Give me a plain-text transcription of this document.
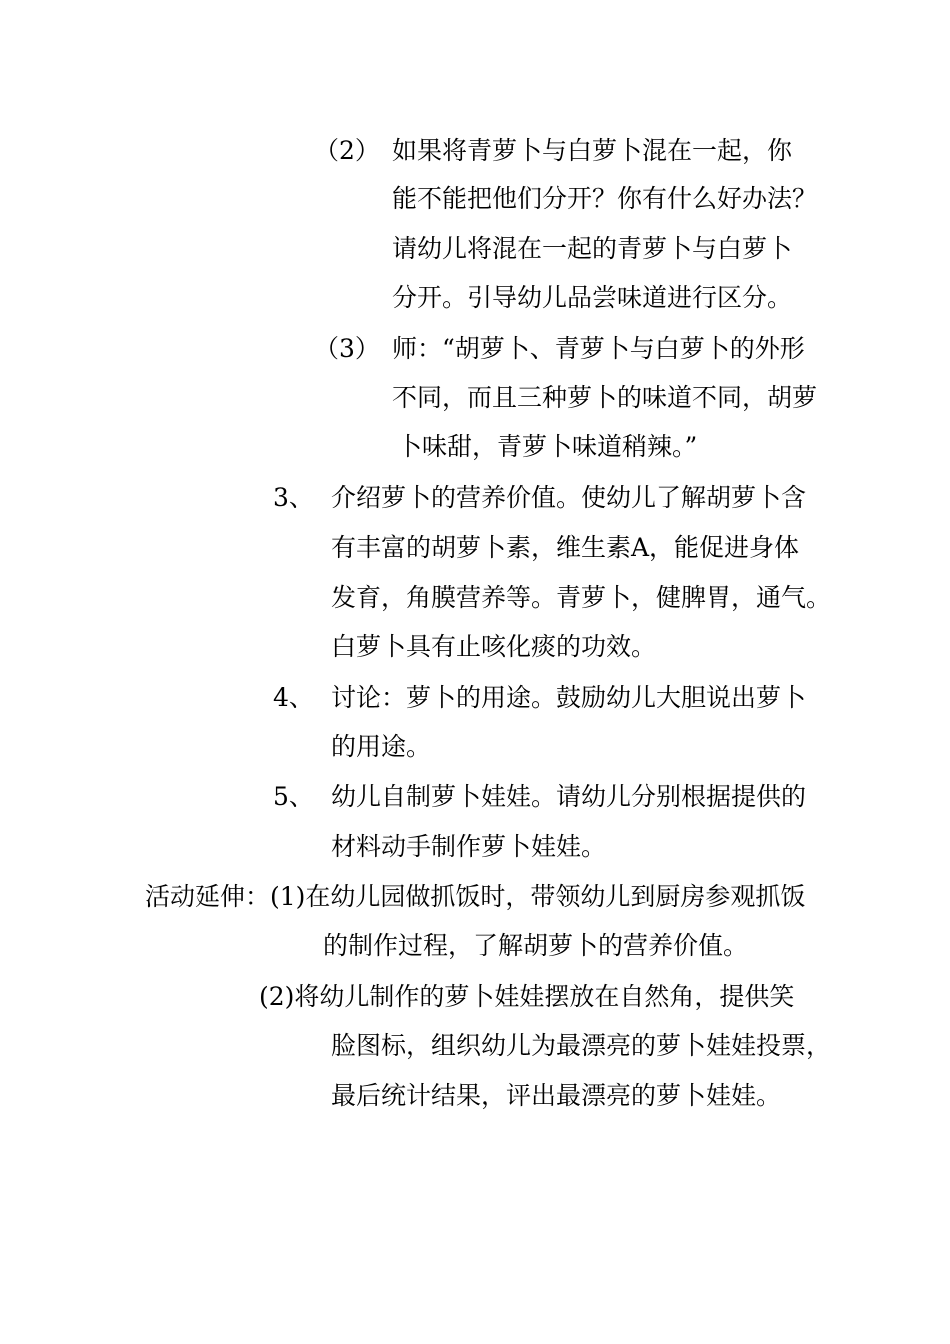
（2） 如果将青萝卜与白萝卜混在一起，你
能不能把他们分开？你有什么好办法？
请幼儿将混在一起的青萝卜与白萝卜
分开。引导幼儿品尝味道进行区分。
（3） 师：“胡萝卜、青萝卜与白萝卜的外形
不同，而且三种萝卜的味道不同，胡萝
卜味甜，青萝卜味道稍辣。”
3、 介绍萝卜的营养价值。使幼儿了解胡萝卜含
有丰富的胡萝卜素，维生素A，能促进身体
发育，角膜营养等。青萝卜，健脾胃，通气。
白萝卜具有止咳化痰的功效。
4、 讨论：萝卜的用途。鼓励幼儿大胆说出萝卜
的用途。
5、 幼儿自制萝卜娃娃。请幼儿分别根据提供的
材料动手制作萝卜娃娃。
活动延伸：(1)在幼儿园做抓饭时，带领幼儿到厨房参观抓饭
的制作过程，了解胡萝卜的营养价值。
(2)将幼儿制作的萝卜娃娃摆放在自然角，提供笑
脸图标，组织幼儿为最漂亮的萝卜娃娃投票，
最后统计结果，评出最漂亮的萝卜娃娃。
